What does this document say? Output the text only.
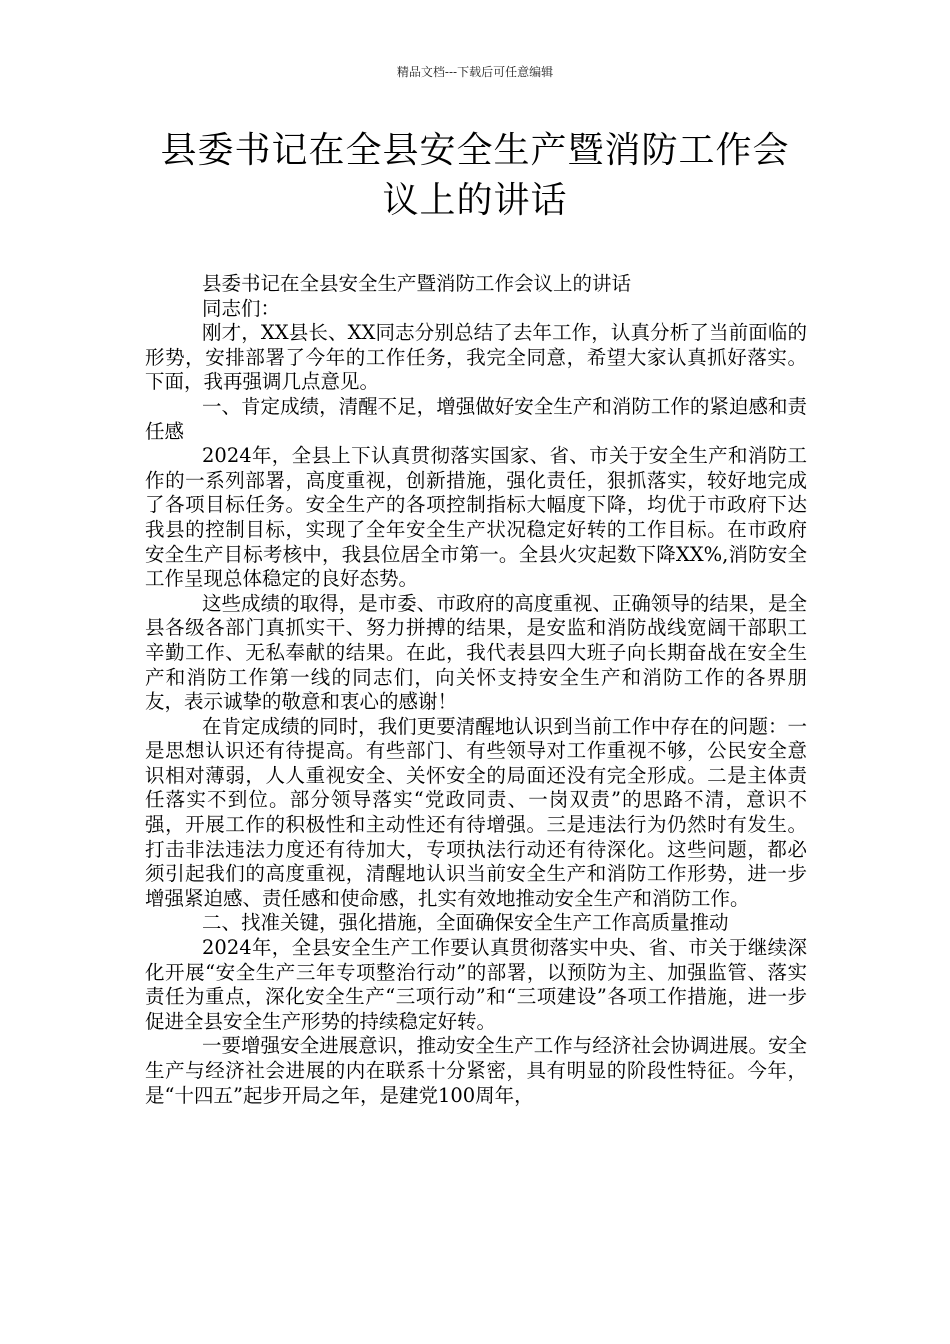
精品文档---下载后可任意编辑
县委书记在全县安全生产暨消防工作会议上的讲话

县委书记在全县安全生产暨消防工作会议上的讲话

同志们：

刚才，XX县长、XX同志分别总结了去年工作，认真分析了当前面临的形势，安排部署了今年的工作任务，我完全同意，希望大家认真抓好落实。下面，我再强调几点意见。

一、肯定成绩，清醒不足，增强做好安全生产和消防工作的紧迫感和责任感

2024年，全县上下认真贯彻落实国家、省、市关于安全生产和消防工作的一系列部署，高度重视，创新措施，强化责任，狠抓落实，较好地完成了各项目标任务。安全生产的各项控制指标大幅度下降，均优于市政府下达我县的控制目标，实现了全年安全生产状况稳定好转的工作目标。在市政府安全生产目标考核中，我县位居全市第一。全县火灾起数下降XX%,消防安全工作呈现总体稳定的良好态势。

这些成绩的取得，是市委、市政府的高度重视、正确领导的结果，是全县各级各部门真抓实干、努力拼搏的结果，是安监和消防战线宽阔干部职工辛勤工作、无私奉献的结果。在此，我代表县四大班子向长期奋战在安全生产和消防工作第一线的同志们，向关怀支持安全生产和消防工作的各界朋友，表示诚挚的敬意和衷心的感谢！

在肯定成绩的同时，我们更要清醒地认识到当前工作中存在的问题：一是思想认识还有待提高。有些部门、有些领导对工作重视不够，公民安全意识相对薄弱，人人重视安全、关怀安全的局面还没有完全形成。二是主体责任落实不到位。部分领导落实“党政同责、一岗双责”的思路不清，意识不强，开展工作的积极性和主动性还有待增强。三是违法行为仍然时有发生。打击非法违法力度还有待加大，专项执法行动还有待深化。这些问题，都必须引起我们的高度重视，清醒地认识当前安全生产和消防工作形势，进一步增强紧迫感、责任感和使命感，扎实有效地推动安全生产和消防工作。

二、找准关键，强化措施，全面确保安全生产工作高质量推动

2024年，全县安全生产工作要认真贯彻落实中央、省、市关于继续深化开展“安全生产三年专项整治行动”的部署，以预防为主、加强监管、落实责任为重点，深化安全生产“三项行动”和“三项建设”各项工作措施，进一步促进全县安全生产形势的持续稳定好转。

一要增强安全进展意识，推动安全生产工作与经济社会协调进展。安全生产与经济社会进展的内在联系十分紧密，具有明显的阶段性特征。今年，是“十四五”起步开局之年，是建党100周年，
